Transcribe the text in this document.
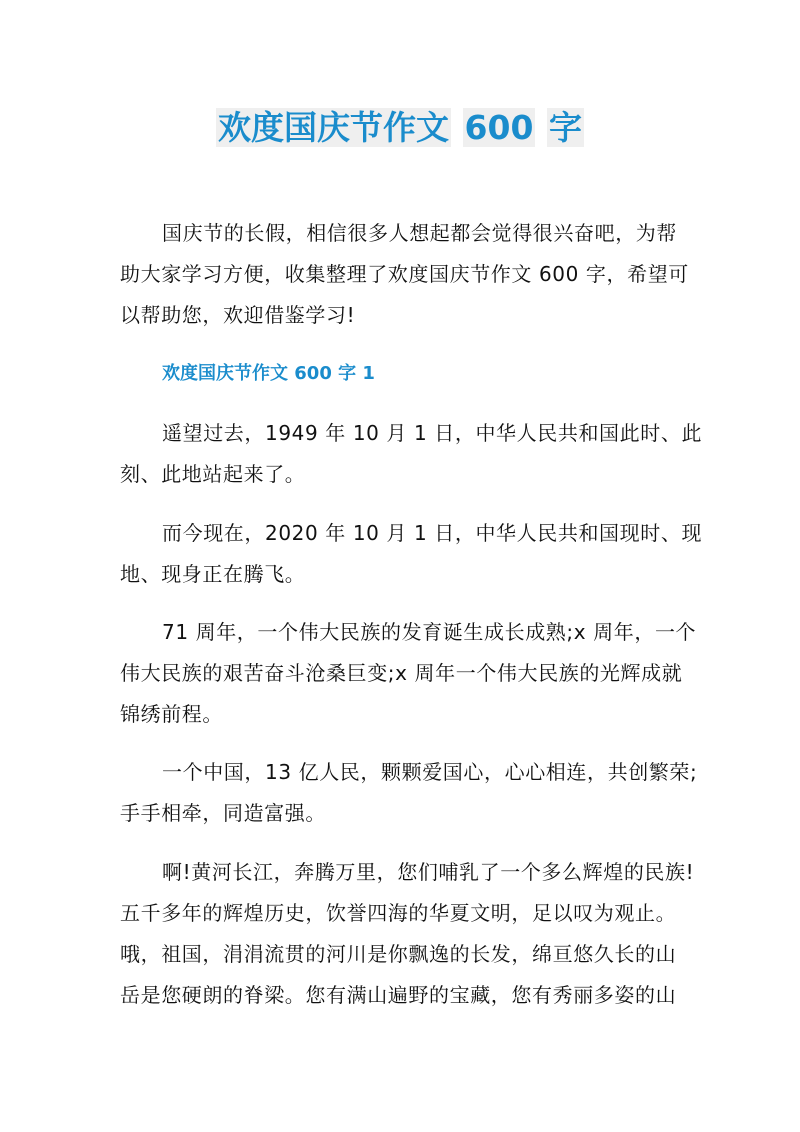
欢度国庆节作文 600 字
国庆节的长假，相信很多人想起都会觉得很兴奋吧，为帮
助大家学习方便，收集整理了欢度国庆节作文 600 字，希望可
以帮助您，欢迎借鉴学习!
欢度国庆节作文 600 字 1
遥望过去，1949 年 10 月 1 日，中华人民共和国此时、此
刻、此地站起来了。
而今现在，2020 年 10 月 1 日，中华人民共和国现时、现
地、现身正在腾飞。
71 周年，一个伟大民族的发育诞生成长成熟;x 周年，一个
伟大民族的艰苦奋斗沧桑巨变;x 周年一个伟大民族的光辉成就
锦绣前程。
一个中国，13 亿人民，颗颗爱国心，心心相连，共创繁荣;
手手相牵，同造富强。
啊!黄河长江，奔腾万里，您们哺乳了一个多么辉煌的民族!
五千多年的辉煌历史，饮誉四海的华夏文明，足以叹为观止。
哦，祖国，涓涓流贯的河川是你飘逸的长发，绵亘悠久长的山
岳是您硬朗的脊梁。您有满山遍野的宝藏，您有秀丽多姿的山
